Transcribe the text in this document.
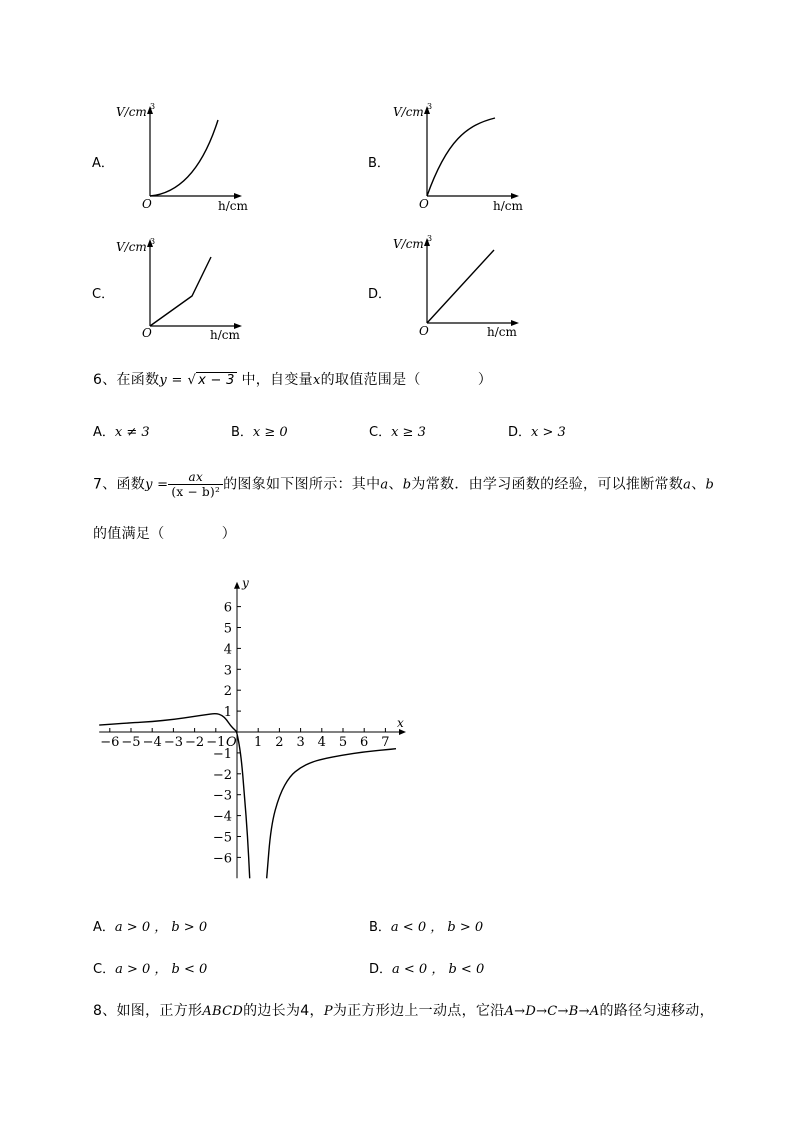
A．
V/cm 3
O	h/cm
B．
V/cm 3
O	h/cm
C．
V/cm 3
O	h/cm
D．
V/cm 3
O	h/cm
6、在函数y = √ x − 3 中，自变量x的取值范围是（　　　　）
A．x ≠ 3	B．x ≥ 0	C．x ≥ 3	D．x > 3
7、函数$y = \frac{ax}{\text{(x − b)²}}$ 的图象如下图所示：其中a、b为常数．由学习函数的经验，可以推断常数a、b
的值满足（　　　　）
x
y
O
−6 −5 −4 −3 −2 −1 1 2 3 4 5 6 7
6
5
4
3
2
1
−1
−2
−3
−4
−5
−6
A．a > 0 ， b > 0	B．a < 0 ， b > 0
C．a > 0 ， b < 0	D．a < 0 ， b < 0
8、如图，正方形ABCD的边长为4，P为正方形边上一动点，它沿A→D→C→B→A的路径匀速移动，
